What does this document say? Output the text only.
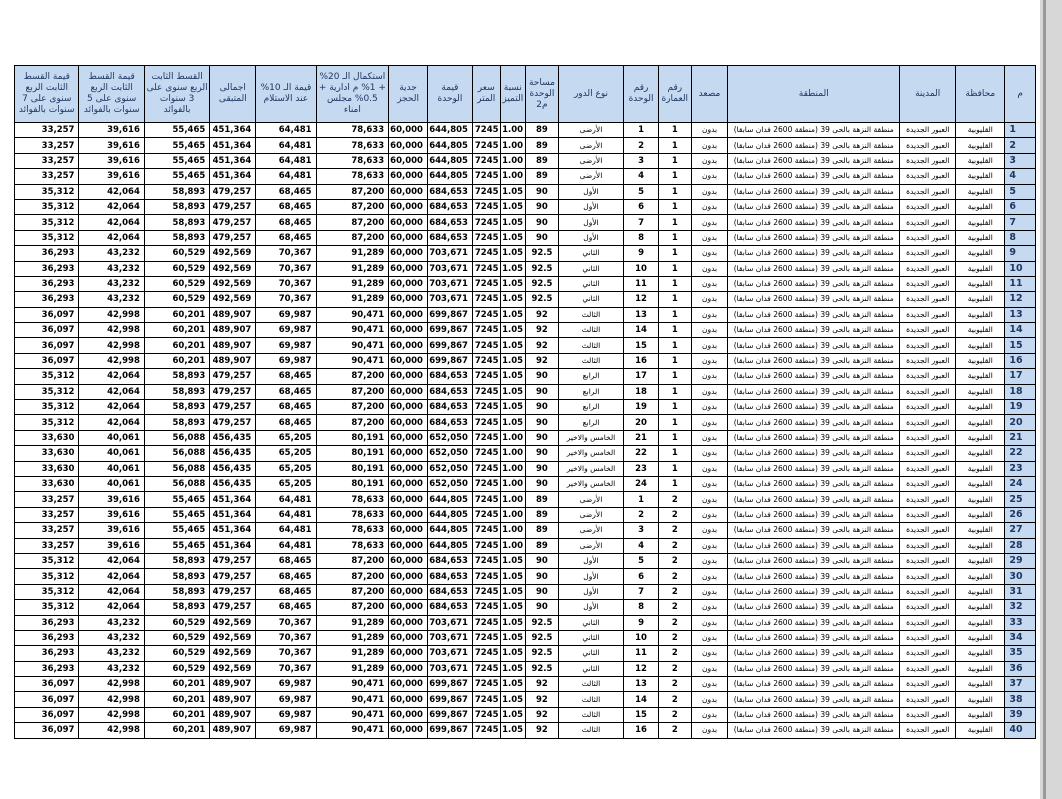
م	محافظة	المدينة	المنطقة	مصعد	رقم العمارة	رقم الوحدة	نوع الدور	مساحة الوحدة م2	نسبة التميز	سعر المتر	قيمة الوحدة	جدية الحجز	استكمال الـ 20% + 1% م ادارية + 0.5% مجلس امناء	قيمة الـ 10% عند الاستلام	اجمالى المتبقى	القسط الثابت الربع سنوى على 3 سنوات بالفوائد	قيمة القسط الثابت الربع سنوى على 5 سنوات بالفوائد	قيمة القسط الثابت الربع سنوى على 7 سنوات بالفوائد
1	القليوبية	العبور الجديدة	منطقة النزهة بالحى 39 (منطقة 2600 فدان سابقا)	بدون	1	1	الأرضى	89	1.00	7245	644,805	60,000	78,633	64,481	451,364	55,465	39,616	33,257
2	القليوبية	العبور الجديدة	منطقة النزهة بالحى 39 (منطقة 2600 فدان سابقا)	بدون	1	2	الأرضى	89	1.00	7245	644,805	60,000	78,633	64,481	451,364	55,465	39,616	33,257
3	القليوبية	العبور الجديدة	منطقة النزهة بالحى 39 (منطقة 2600 فدان سابقا)	بدون	1	3	الأرضى	89	1.00	7245	644,805	60,000	78,633	64,481	451,364	55,465	39,616	33,257
4	القليوبية	العبور الجديدة	منطقة النزهة بالحى 39 (منطقة 2600 فدان سابقا)	بدون	1	4	الأرضى	89	1.00	7245	644,805	60,000	78,633	64,481	451,364	55,465	39,616	33,257
5	القليوبية	العبور الجديدة	منطقة النزهة بالحى 39 (منطقة 2600 فدان سابقا)	بدون	1	5	الأول	90	1.05	7245	684,653	60,000	87,200	68,465	479,257	58,893	42,064	35,312
6	القليوبية	العبور الجديدة	منطقة النزهة بالحى 39 (منطقة 2600 فدان سابقا)	بدون	1	6	الأول	90	1.05	7245	684,653	60,000	87,200	68,465	479,257	58,893	42,064	35,312
7	القليوبية	العبور الجديدة	منطقة النزهة بالحى 39 (منطقة 2600 فدان سابقا)	بدون	1	7	الأول	90	1.05	7245	684,653	60,000	87,200	68,465	479,257	58,893	42,064	35,312
8	القليوبية	العبور الجديدة	منطقة النزهة بالحى 39 (منطقة 2600 فدان سابقا)	بدون	1	8	الأول	90	1.05	7245	684,653	60,000	87,200	68,465	479,257	58,893	42,064	35,312
9	القليوبية	العبور الجديدة	منطقة النزهة بالحى 39 (منطقة 2600 فدان سابقا)	بدون	1	9	الثاني	92.5	1.05	7245	703,671	60,000	91,289	70,367	492,569	60,529	43,232	36,293
10	القليوبية	العبور الجديدة	منطقة النزهة بالحى 39 (منطقة 2600 فدان سابقا)	بدون	1	10	الثاني	92.5	1.05	7245	703,671	60,000	91,289	70,367	492,569	60,529	43,232	36,293
11	القليوبية	العبور الجديدة	منطقة النزهة بالحى 39 (منطقة 2600 فدان سابقا)	بدون	1	11	الثاني	92.5	1.05	7245	703,671	60,000	91,289	70,367	492,569	60,529	43,232	36,293
12	القليوبية	العبور الجديدة	منطقة النزهة بالحى 39 (منطقة 2600 فدان سابقا)	بدون	1	12	الثاني	92.5	1.05	7245	703,671	60,000	91,289	70,367	492,569	60,529	43,232	36,293
13	القليوبية	العبور الجديدة	منطقة النزهة بالحى 39 (منطقة 2600 فدان سابقا)	بدون	1	13	الثالث	92	1.05	7245	699,867	60,000	90,471	69,987	489,907	60,201	42,998	36,097
14	القليوبية	العبور الجديدة	منطقة النزهة بالحى 39 (منطقة 2600 فدان سابقا)	بدون	1	14	الثالث	92	1.05	7245	699,867	60,000	90,471	69,987	489,907	60,201	42,998	36,097
15	القليوبية	العبور الجديدة	منطقة النزهة بالحى 39 (منطقة 2600 فدان سابقا)	بدون	1	15	الثالث	92	1.05	7245	699,867	60,000	90,471	69,987	489,907	60,201	42,998	36,097
16	القليوبية	العبور الجديدة	منطقة النزهة بالحى 39 (منطقة 2600 فدان سابقا)	بدون	1	16	الثالث	92	1.05	7245	699,867	60,000	90,471	69,987	489,907	60,201	42,998	36,097
17	القليوبية	العبور الجديدة	منطقة النزهة بالحى 39 (منطقة 2600 فدان سابقا)	بدون	1	17	الرابع	90	1.05	7245	684,653	60,000	87,200	68,465	479,257	58,893	42,064	35,312
18	القليوبية	العبور الجديدة	منطقة النزهة بالحى 39 (منطقة 2600 فدان سابقا)	بدون	1	18	الرابع	90	1.05	7245	684,653	60,000	87,200	68,465	479,257	58,893	42,064	35,312
19	القليوبية	العبور الجديدة	منطقة النزهة بالحى 39 (منطقة 2600 فدان سابقا)	بدون	1	19	الرابع	90	1.05	7245	684,653	60,000	87,200	68,465	479,257	58,893	42,064	35,312
20	القليوبية	العبور الجديدة	منطقة النزهة بالحى 39 (منطقة 2600 فدان سابقا)	بدون	1	20	الرابع	90	1.05	7245	684,653	60,000	87,200	68,465	479,257	58,893	42,064	35,312
21	القليوبية	العبور الجديدة	منطقة النزهة بالحى 39 (منطقة 2600 فدان سابقا)	بدون	1	21	الخامس والاخير	90	1.00	7245	652,050	60,000	80,191	65,205	456,435	56,088	40,061	33,630
22	القليوبية	العبور الجديدة	منطقة النزهة بالحى 39 (منطقة 2600 فدان سابقا)	بدون	1	22	الخامس والاخير	90	1.00	7245	652,050	60,000	80,191	65,205	456,435	56,088	40,061	33,630
23	القليوبية	العبور الجديدة	منطقة النزهة بالحى 39 (منطقة 2600 فدان سابقا)	بدون	1	23	الخامس والاخير	90	1.00	7245	652,050	60,000	80,191	65,205	456,435	56,088	40,061	33,630
24	القليوبية	العبور الجديدة	منطقة النزهة بالحى 39 (منطقة 2600 فدان سابقا)	بدون	1	24	الخامس والاخير	90	1.00	7245	652,050	60,000	80,191	65,205	456,435	56,088	40,061	33,630
25	القليوبية	العبور الجديدة	منطقة النزهة بالحى 39 (منطقة 2600 فدان سابقا)	بدون	2	1	الأرضى	89	1.00	7245	644,805	60,000	78,633	64,481	451,364	55,465	39,616	33,257
26	القليوبية	العبور الجديدة	منطقة النزهة بالحى 39 (منطقة 2600 فدان سابقا)	بدون	2	2	الأرضى	89	1.00	7245	644,805	60,000	78,633	64,481	451,364	55,465	39,616	33,257
27	القليوبية	العبور الجديدة	منطقة النزهة بالحى 39 (منطقة 2600 فدان سابقا)	بدون	2	3	الأرضى	89	1.00	7245	644,805	60,000	78,633	64,481	451,364	55,465	39,616	33,257
28	القليوبية	العبور الجديدة	منطقة النزهة بالحى 39 (منطقة 2600 فدان سابقا)	بدون	2	4	الأرضى	89	1.00	7245	644,805	60,000	78,633	64,481	451,364	55,465	39,616	33,257
29	القليوبية	العبور الجديدة	منطقة النزهة بالحى 39 (منطقة 2600 فدان سابقا)	بدون	2	5	الأول	90	1.05	7245	684,653	60,000	87,200	68,465	479,257	58,893	42,064	35,312
30	القليوبية	العبور الجديدة	منطقة النزهة بالحى 39 (منطقة 2600 فدان سابقا)	بدون	2	6	الأول	90	1.05	7245	684,653	60,000	87,200	68,465	479,257	58,893	42,064	35,312
31	القليوبية	العبور الجديدة	منطقة النزهة بالحى 39 (منطقة 2600 فدان سابقا)	بدون	2	7	الأول	90	1.05	7245	684,653	60,000	87,200	68,465	479,257	58,893	42,064	35,312
32	القليوبية	العبور الجديدة	منطقة النزهة بالحى 39 (منطقة 2600 فدان سابقا)	بدون	2	8	الأول	90	1.05	7245	684,653	60,000	87,200	68,465	479,257	58,893	42,064	35,312
33	القليوبية	العبور الجديدة	منطقة النزهة بالحى 39 (منطقة 2600 فدان سابقا)	بدون	2	9	الثاني	92.5	1.05	7245	703,671	60,000	91,289	70,367	492,569	60,529	43,232	36,293
34	القليوبية	العبور الجديدة	منطقة النزهة بالحى 39 (منطقة 2600 فدان سابقا)	بدون	2	10	الثاني	92.5	1.05	7245	703,671	60,000	91,289	70,367	492,569	60,529	43,232	36,293
35	القليوبية	العبور الجديدة	منطقة النزهة بالحى 39 (منطقة 2600 فدان سابقا)	بدون	2	11	الثاني	92.5	1.05	7245	703,671	60,000	91,289	70,367	492,569	60,529	43,232	36,293
36	القليوبية	العبور الجديدة	منطقة النزهة بالحى 39 (منطقة 2600 فدان سابقا)	بدون	2	12	الثاني	92.5	1.05	7245	703,671	60,000	91,289	70,367	492,569	60,529	43,232	36,293
37	القليوبية	العبور الجديدة	منطقة النزهة بالحى 39 (منطقة 2600 فدان سابقا)	بدون	2	13	الثالث	92	1.05	7245	699,867	60,000	90,471	69,987	489,907	60,201	42,998	36,097
38	القليوبية	العبور الجديدة	منطقة النزهة بالحى 39 (منطقة 2600 فدان سابقا)	بدون	2	14	الثالث	92	1.05	7245	699,867	60,000	90,471	69,987	489,907	60,201	42,998	36,097
39	القليوبية	العبور الجديدة	منطقة النزهة بالحى 39 (منطقة 2600 فدان سابقا)	بدون	2	15	الثالث	92	1.05	7245	699,867	60,000	90,471	69,987	489,907	60,201	42,998	36,097
40	القليوبية	العبور الجديدة	منطقة النزهة بالحى 39 (منطقة 2600 فدان سابقا)	بدون	2	16	الثالث	92	1.05	7245	699,867	60,000	90,471	69,987	489,907	60,201	42,998	36,097
